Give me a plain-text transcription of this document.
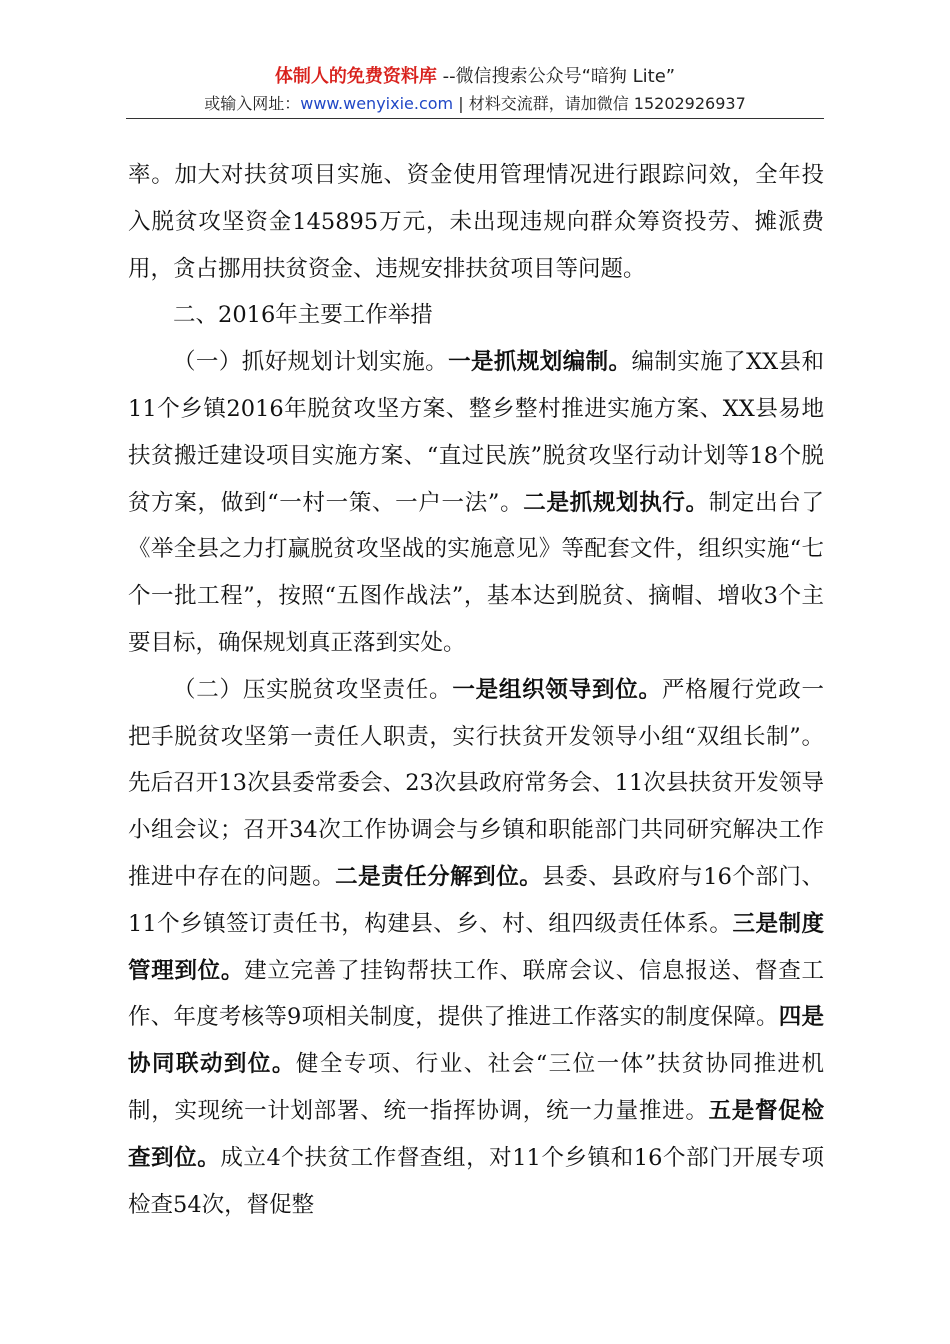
体制人的免费资料库 --微信搜索公众号“暗狗 Lite”
或输入网址：www.wenyixie.com | 材料交流群，请加微信 15202926937

率。加大对扶贫项目实施、资金使用管理情况进行跟踪问效，全年投入脱贫攻坚资金145895万元，未出现违规向群众筹资投劳、摊派费用，贪占挪用扶贫资金、违规安排扶贫项目等问题。

二、2016年主要工作举措

（一）抓好规划计划实施。一是抓规划编制。编制实施了XX县和11个乡镇2016年脱贫攻坚方案、整乡整村推进实施方案、XX县易地扶贫搬迁建设项目实施方案、“直过民族”脱贫攻坚行动计划等18个脱贫方案，做到“一村一策、一户一法”。二是抓规划执行。制定出台了《举全县之力打赢脱贫攻坚战的实施意见》等配套文件，组织实施“七个一批工程”，按照“五图作战法”，基本达到脱贫、摘帽、增收3个主要目标，确保规划真正落到实处。

（二）压实脱贫攻坚责任。一是组织领导到位。严格履行党政一把手脱贫攻坚第一责任人职责，实行扶贫开发领导小组“双组长制”。先后召开13次县委常委会、23次县政府常务会、11次县扶贫开发领导小组会议；召开34次工作协调会与乡镇和职能部门共同研究解决工作推进中存在的问题。二是责任分解到位。县委、县政府与16个部门、11个乡镇签订责任书，构建县、乡、村、组四级责任体系。三是制度管理到位。建立完善了挂钩帮扶工作、联席会议、信息报送、督查工作、年度考核等9项相关制度，提供了推进工作落实的制度保障。四是协同联动到位。健全专项、行业、社会“三位一体”扶贫协同推进机制，实现统一计划部署、统一指挥协调，统一力量推进。五是督促检查到位。成立4个扶贫工作督查组，对11个乡镇和16个部门开展专项检查54次，督促整
